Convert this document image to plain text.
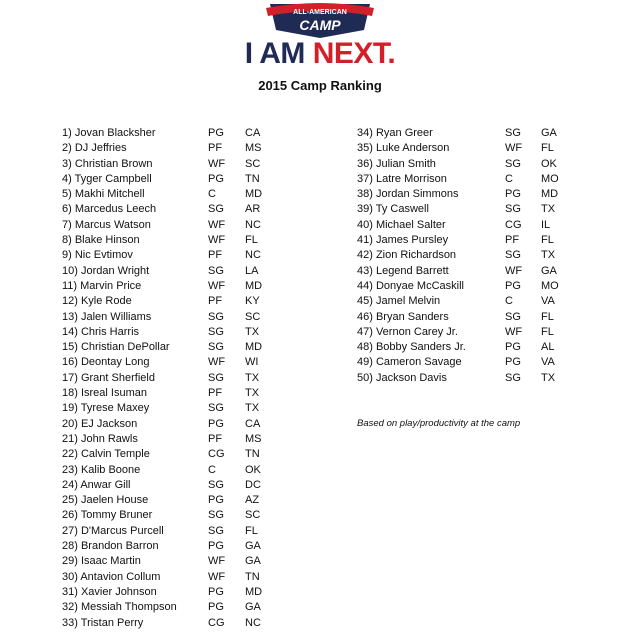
ALL-AMERICAN
CAMP
I AM NEXT.
2015 Camp Ranking
1) Jovan Blacksher	PG CA
2) DJ Jeffries	PF MS
3) Christian Brown	WF SC
4) Tyger Campbell	PG TN
5) Makhi Mitchell	C	MD
6) Marcedus Leech	SG AR
7) Marcus Watson	WF NC
8) Blake Hinson	WF FL
9) Nic Evtimov	PF NC
10) Jordan Wright	SG LA
11) Marvin Price	WF MD
12) Kyle Rode	PF KY
13) Jalen Williams	SG SC
14) Chris Harris	SG TX
15) Christian DePollar	SG MD
16) Deontay Long	WF WI
17) Grant Sherfield	SG TX
18) Isreal Isuman	PF TX
19) Tyrese Maxey	SG TX
20) EJ Jackson	PG CA
21) John Rawls	PF MS
22) Calvin Temple	CG TN
23) Kalib Boone	C	OK
24) Anwar Gill	SG DC
25) Jaelen House	PG AZ
26) Tommy Bruner	SG SC
27) D'Marcus Purcell	SG FL
28) Brandon Barron	PG GA
29) Isaac Martin	WF GA
30) Antavion Collum	WF TN
31) Xavier Johnson	PG MD
32) Messiah Thompson	PG GA
33) Tristan Perry	CG NC
34) Ryan Greer	SG GA
35) Luke Anderson	WF FL
36) Julian Smith	SG OK
37) Latre Morrison	C	MO
38) Jordan Simmons	PG MD
39) Ty Caswell	SG TX
40) Michael Salter	CG IL
41) James Pursley	PF FL
42) Zion Richardson	SG TX
43) Legend Barrett	WF GA
44) Donyae McCaskill	PG MO
45) Jamel Melvin	C	VA
46) Bryan Sanders	SG FL
47) Vernon Carey Jr.	WF FL
48) Bobby Sanders Jr.	PG AL
49) Cameron Savage	PG VA
50) Jackson Davis	SG TX
Based on play/productivity at the camp
